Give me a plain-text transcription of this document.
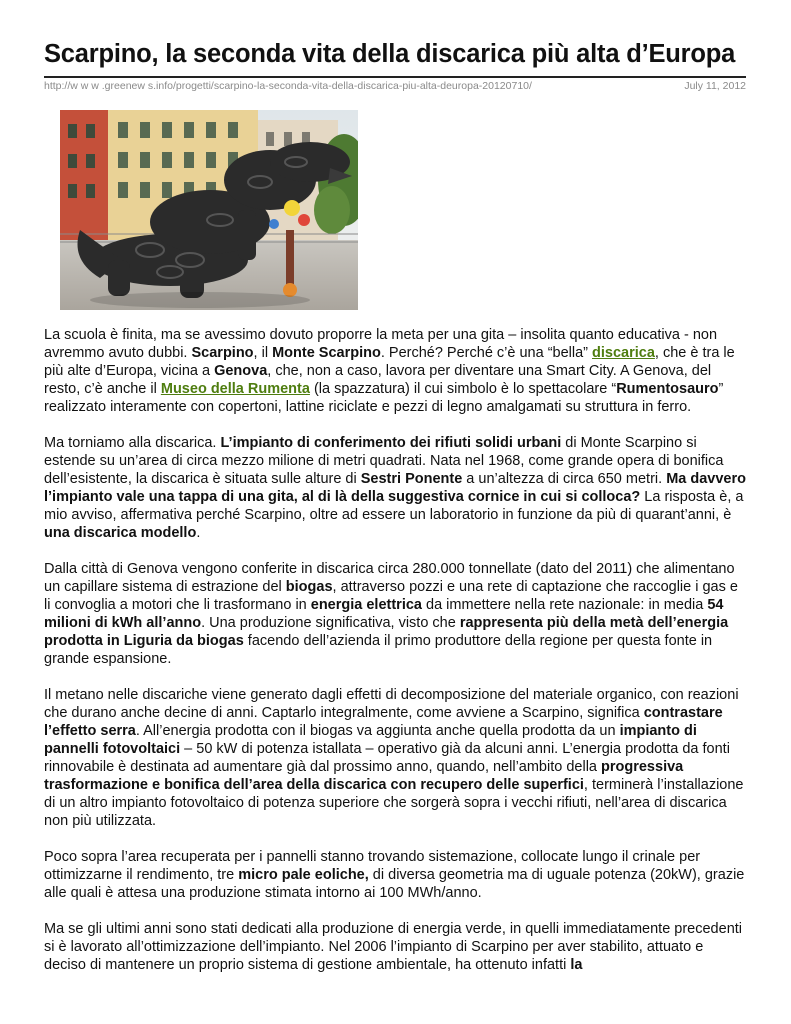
Scarpino, la seconda vita della discarica più alta d’Europa
http://w w w .greenew s.info/progetti/scarpino-la-seconda-vita-della-discarica-piu-alta-deuropa-20120710/	July 11, 2012

La scuola è finita, ma se avessimo dovuto proporre la meta per una gita – insolita quanto educativa - non avremmo avuto dubbi. Scarpino, il Monte Scarpino. Perché? Perché c’è una “bella” discarica, che è tra le più alte d’Europa, vicina a Genova, che, non a caso, lavora per diventare una Smart City. A Genova, del resto, c’è anche il Museo della Rumenta (la spazzatura) il cui simbolo è lo spettacolare “Rumentosauro” realizzato interamente con copertoni, lattine riciclate e pezzi di legno amalgamati su struttura in ferro.

Ma torniamo alla discarica. L’impianto di conferimento dei rifiuti solidi urbani di Monte Scarpino si estende su un’area di circa mezzo milione di metri quadrati. Nata nel 1968, come grande opera di bonifica dell’esistente, la discarica è situata sulle alture di Sestri Ponente a un’altezza di circa 650 metri. Ma davvero l’impianto vale una tappa di una gita, al di là della suggestiva cornice in cui si colloca? La risposta è, a mio avviso, affermativa perché Scarpino, oltre ad essere un laboratorio in funzione da più di quarant’anni, è una discarica modello.

Dalla città di Genova vengono conferite in discarica circa 280.000 tonnellate (dato del 2011) che alimentano un capillare sistema di estrazione del biogas, attraverso pozzi e una rete di captazione che raccoglie i gas e li convoglia a motori che li trasformano in energia elettrica da immettere nella rete nazionale: in media 54 milioni di kWh all’anno. Una produzione significativa, visto che rappresenta più della metà dell’energia prodotta in Liguria da biogas facendo dell’azienda il primo produttore della regione per questa fonte in grande espansione.

Il metano nelle discariche viene generato dagli effetti di decomposizione del materiale organico, con reazioni che durano anche decine di anni. Captarlo integralmente, come avviene a Scarpino, significa contrastare l’effetto serra. All’energia prodotta con il biogas va aggiunta anche quella prodotta da un impianto di pannelli fotovoltaici – 50 kW di potenza istallata – operativo già da alcuni anni. L’energia prodotta da fonti rinnovabile è destinata ad aumentare già dal prossimo anno, quando, nell’ambito della progressiva trasformazione e bonifica dell’area della discarica con recupero delle superfici, terminerà l’installazione di un altro impianto fotovoltaico di potenza superiore che sorgerà sopra i vecchi rifiuti, nell’area di discarica non più utilizzata.

Poco sopra l’area recuperata per i pannelli stanno trovando sistemazione, collocate lungo il crinale per ottimizzarne il rendimento, tre micro pale eoliche, di diversa geometria ma di uguale potenza (20kW), grazie alle quali è attesa una produzione stimata intorno ai 100 MWh/anno.

Ma se gli ultimi anni sono stati dedicati alla produzione di energia verde, in quelli immediatamente precedenti si è lavorato all’ottimizzazione dell’impianto. Nel 2006 l’impianto di Scarpino per aver stabilito, attuato e deciso di mantenere un proprio sistema di gestione ambientale, ha ottenuto infatti la
